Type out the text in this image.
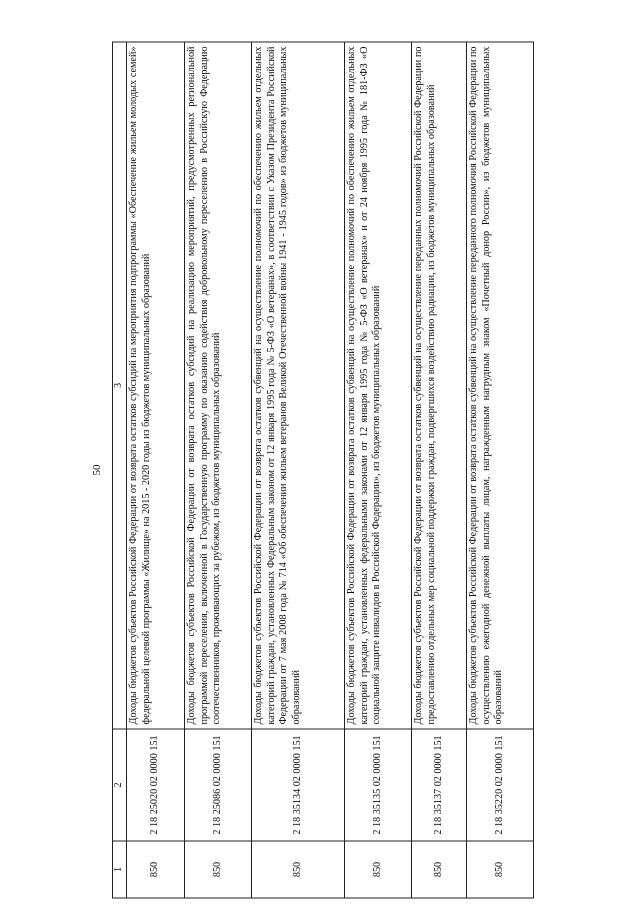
50
1	2	3
850	2 18 25020 02 0000 151	Доходы бюджетов субъектов Российской Федерации от возврата остатков субсидий на мероприятия подпрограммы «Обеспечение жильем молодых семей» федеральной целевой программы «Жилище» на 2015 - 2020 годы из бюджетов муниципальных образований
850	2 18 25086 02 0000 151	Доходы бюджетов субъектов Российской Федерации от возврата остатков субсидий на реализацию мероприятий, предусмотренных региональной программой переселения, включенной в Государственную программу по оказанию содействия добровольному переселению в Российскую Федерацию соотечественников, проживающих за рубежом, из бюджетов муниципальных образований
850	2 18 35134 02 0000 151	Доходы бюджетов субъектов Российской Федерации от возврата остатков субвенций на осуществление полномочий по обеспечению жильем отдельных категорий граждан, установленных Федеральным законом от 12 января 1995 года № 5-ФЗ «О ветеранах», в соответствии с Указом Президента Российской Федерации от 7 мая 2008 года № 714 «Об обеспечении жильем ветеранов Великой Отечественной войны 1941 - 1945 годов» из бюджетов муниципальных образований
850	2 18 35135 02 0000 151	Доходы бюджетов субъектов Российской Федерации от возврата остатков субвенций на осуществление полномочий по обеспечению жильем отдельных категорий граждан, установленных федеральными законами от 12 января 1995 года № 5-ФЗ «О ветеранах» и от 24 ноября 1995 года № 181-ФЗ «О социальной защите инвалидов в Российской Федерации», из бюджетов муниципальных образований
850	2 18 35137 02 0000 151	Доходы бюджетов субъектов Российской Федерации от возврата остатков субвенций на осуществление переданных полномочий Российской Федерации по предоставлению отдельных мер социальной поддержки граждан, подвергшихся воздействию радиации, из бюджетов муниципальных образований
850	2 18 35220 02 0000 151	Доходы бюджетов субъектов Российской Федерации от возврата остатков субвенций на осуществление переданного полномочия Российской Федерации по осуществлению ежегодной денежной выплаты лицам, награжденным нагрудным знаком «Почетный донор России», из бюджетов муниципальных образований
